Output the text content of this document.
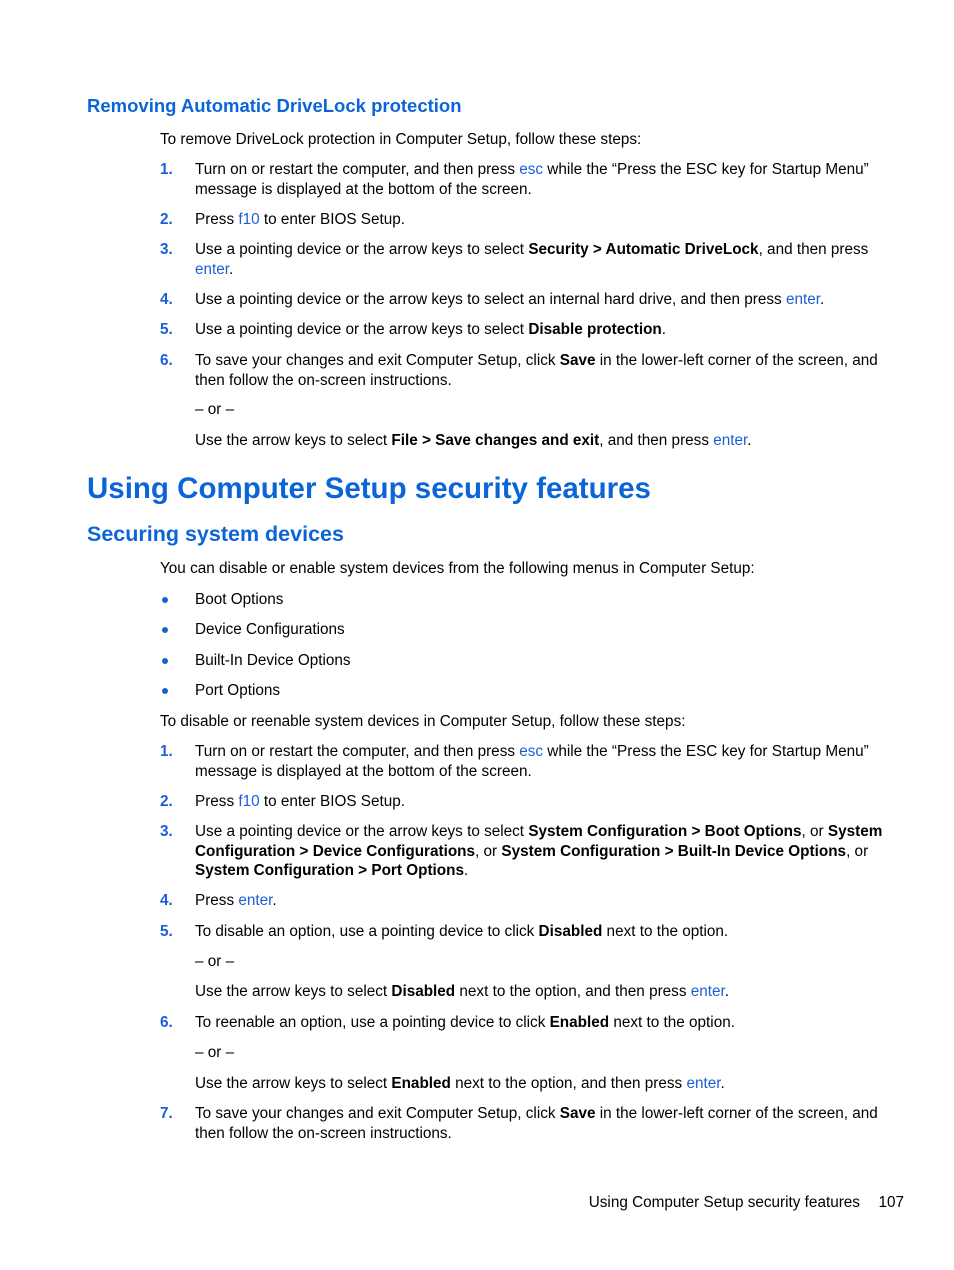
Removing Automatic DriveLock protection
To remove DriveLock protection in Computer Setup, follow these steps:
1. Turn on or restart the computer, and then press esc while the “Press the ESC key for Startup Menu” message is displayed at the bottom of the screen.
2. Press f10 to enter BIOS Setup.
3. Use a pointing device or the arrow keys to select Security > Automatic DriveLock, and then press enter.
4. Use a pointing device or the arrow keys to select an internal hard drive, and then press enter.
5. Use a pointing device or the arrow keys to select Disable protection.
6. To save your changes and exit Computer Setup, click Save in the lower-left corner of the screen, and then follow the on-screen instructions.
– or –
Use the arrow keys to select File > Save changes and exit, and then press enter.
Using Computer Setup security features
Securing system devices
You can disable or enable system devices from the following menus in Computer Setup:
Boot Options
Device Configurations
Built-In Device Options
Port Options
To disable or reenable system devices in Computer Setup, follow these steps:
1. Turn on or restart the computer, and then press esc while the “Press the ESC key for Startup Menu” message is displayed at the bottom of the screen.
2. Press f10 to enter BIOS Setup.
3. Use a pointing device or the arrow keys to select System Configuration > Boot Options, or System Configuration > Device Configurations, or System Configuration > Built-In Device Options, or System Configuration > Port Options.
4. Press enter.
5. To disable an option, use a pointing device to click Disabled next to the option.
– or –
Use the arrow keys to select Disabled next to the option, and then press enter.
6. To reenable an option, use a pointing device to click Enabled next to the option.
– or –
Use the arrow keys to select Enabled next to the option, and then press enter.
7. To save your changes and exit Computer Setup, click Save in the lower-left corner of the screen, and then follow the on-screen instructions.
Using Computer Setup security features 107
